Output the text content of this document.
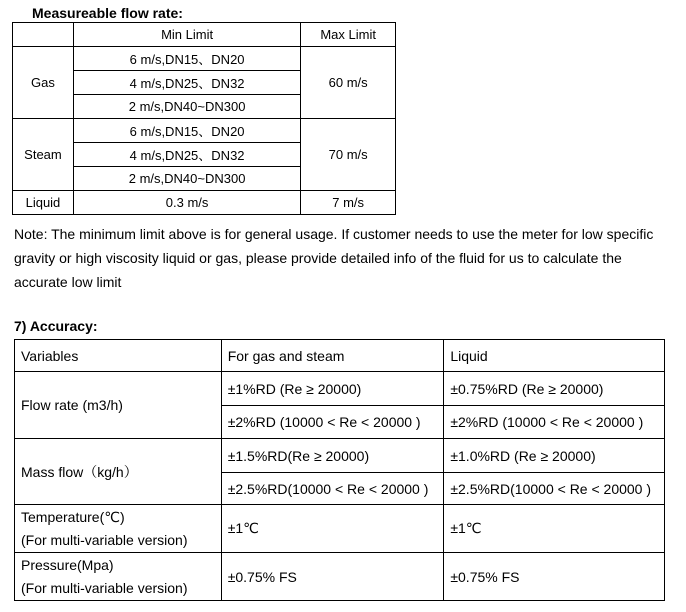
Measureable flow rate:
	Min Limit	Max Limit
Gas	6 m/s,DN15、DN20	60 m/s
	4 m/s,DN25、DN32	
	2 m/s,DN40~DN300	
Steam	6 m/s,DN15、DN20	70 m/s
	4 m/s,DN25、DN32	
	2 m/s,DN40~DN300	
Liquid	0.3 m/s	7 m/s
Note: The minimum limit above is for general usage. If customer needs to use the meter for low specific gravity or high viscosity liquid or gas, please provide detailed info of the fluid for us to calculate the accurate low limit
7) Accuracy:
Variables	For gas and steam	Liquid
Flow rate (m3/h)	±1%RD (Re ≥ 20000)	±0.75%RD (Re ≥ 20000)
	±2%RD (10000 < Re < 20000 )	±2%RD (10000 < Re < 20000 )
Mass flow（kg/h）	±1.5%RD(Re ≥ 20000)	±1.0%RD (Re ≥ 20000)
	±2.5%RD(10000 < Re < 20000 )	±2.5%RD(10000 < Re < 20000 )

Temperature(℃)
(For multi-variable version)	±1℃	±1℃

Pressure(Mpa)
(For multi-variable version)	±0.75% FS	±0.75% FS
